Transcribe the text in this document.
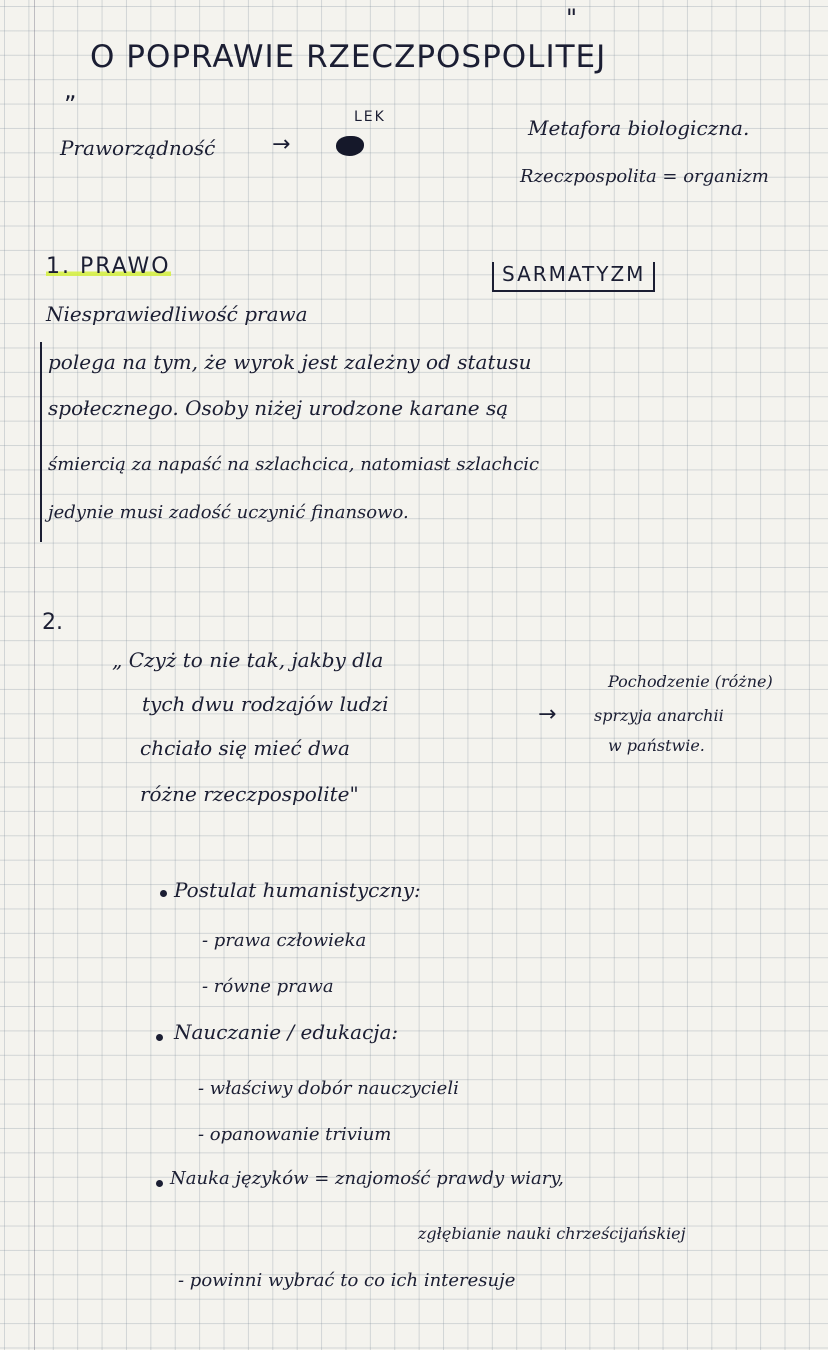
„
O POPRAWIE RZECZPOSPOLITEJ
"
Praworządność	→
LEK	Metafora biologiczna.
Rzeczpospolita = organizm
1. PRAWO	SARMATYZM
Niesprawiedliwość prawa
polega na tym, że wyrok jest zależny od statusu
społecznego. Osoby niżej urodzone karane są
śmiercią za napaść na szlachcica, natomiast szlachcic
jedynie musi zadość uczynić finansowo.
2.
„ Czyż to nie tak, jakby dla
tych dwu rodzajów ludzi
chciało się mieć dwa
różne rzeczpospolite"
→
Pochodzenie (różne)
sprzyja anarchii
w państwie.
Postulat humanistyczny:
- prawa człowieka
- równe prawa
Nauczanie / edukacja:
- właściwy dobór nauczycieli
- opanowanie trivium
Nauka języków = znajomość prawdy wiary,
zgłębianie nauki chrześcijańskiej
- powinni wybrać to co ich interesuje
